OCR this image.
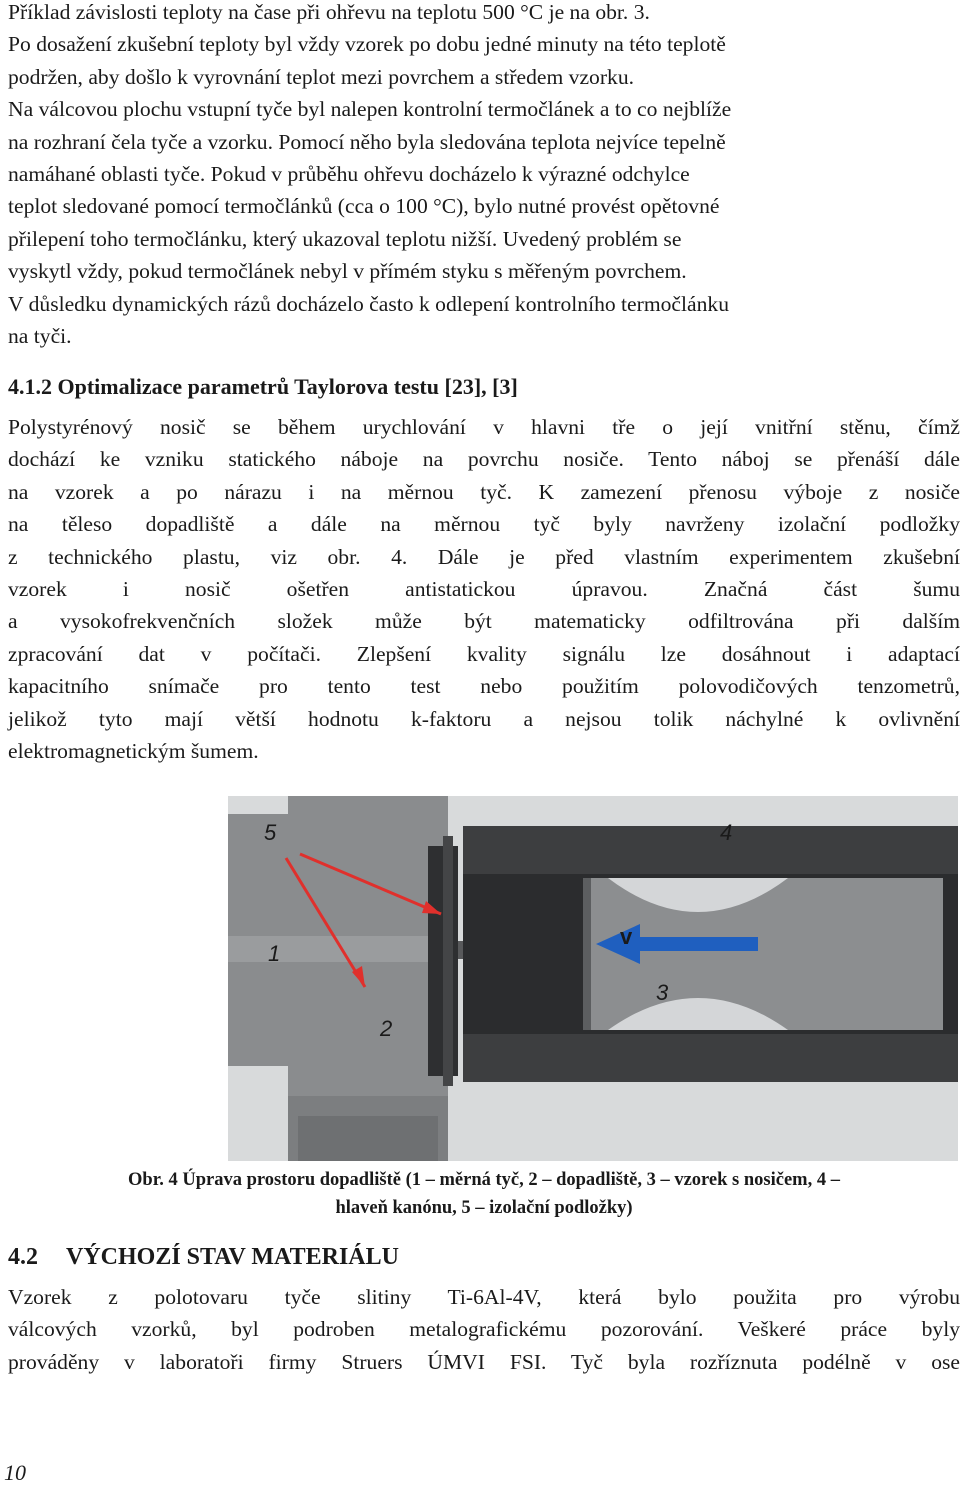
Příklad závislosti teploty na čase při ohřevu na teplotu 500 °C je na obr. 3.
Po dosažení zkušební teploty byl vždy vzorek po dobu jedné minuty na této teplotě
podržen, aby došlo k vyrovnání teplot mezi povrchem a středem vzorku.
Na válcovou plochu vstupní tyče byl nalepen kontrolní termočlánek a to co nejblíže
na rozhraní čela tyče a vzorku. Pomocí něho byla sledována teplota nejvíce tepelně
namáhané oblasti tyče. Pokud v průběhu ohřevu docházelo k výrazné odchylce
teplot sledované pomocí termočlánků (cca o 100 °C), bylo nutné provést opětovné
přilepení toho termočlánku, který ukazoval teplotu nižší. Uvedený problém se
vyskytl vždy, pokud termočlánek nebyl v přímém styku s měřeným povrchem.
V důsledku dynamických rázů docházelo často k odlepení kontrolního termočlánku
na tyči.
4.1.2 Optimalizace parametrů Taylorova testu [23], [3]
Polystyrénový nosič se během urychlování v hlavni tře o její vnitřní stěnu, čímž
dochází ke vzniku statického náboje na povrchu nosiče. Tento náboj se přenáší dále
na vzorek a po nárazu i na měrnou tyč. K zamezení přenosu výboje z nosiče
na těleso dopadliště a dále na měrnou tyč byly navrženy izolační podložky
z technického plastu, viz obr. 4. Dále je před vlastním experimentem zkušební
vzorek i nosič ošetřen antistatickou úpravou. Značná část šumu
a vysokofrekvenčních složek může být matematicky odfiltrována při dalším
zpracování dat v počítači. Zlepšení kvality signálu lze dosáhnout i adaptací
kapacitního snímače pro tento test nebo použitím polovodičových tenzometrů,
jelikož tyto mají větší hodnotu k-faktoru a nejsou tolik náchylné k ovlivnění
elektromagnetickým šumem.
v
5
1
2
3
4
Obr. 4 Úprava prostoru dopadliště (1 – měrná tyč, 2 – dopadliště, 3 – vzorek s nosičem, 4 –
hlaveň kanónu, 5 – izolační podložky)
4.2 VÝCHOZÍ STAV MATERIÁLU
Vzorek z polotovaru tyče slitiny Ti-6Al-4V, která bylo použita pro výrobu
válcových vzorků, byl podroben metalografickému pozorování. Veškeré práce byly
prováděny v laboratoři firmy Struers ÚMVI FSI. Tyč byla rozříznuta podélně v ose
10
